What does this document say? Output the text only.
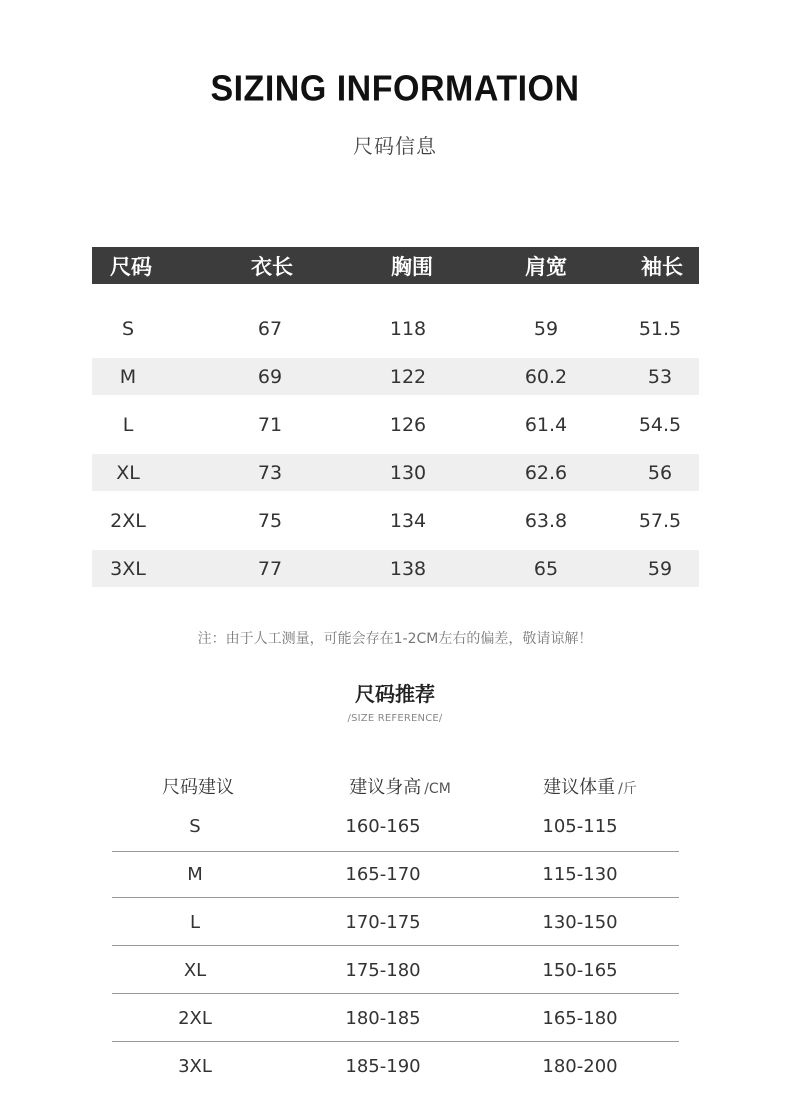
SIZING INFORMATION
尺码信息
尺码	衣长	胸围	肩宽	袖长
S	67	118	59	51.5
M	69	122	60.2	53
L	71	126	61.4	54.5
XL	73	130	62.6	56
2XL	75	134	63.8	57.5
3XL	77	138	65	59
注：由于人工测量，可能会存在1-2CM左右的偏差，敬请谅解！
尺码推荐
/SIZE REFERENCE/
尺码建议	建议身高 /CM	建议体重 /斤
S	160-165	105-115
M	165-170	115-130
L	170-175	130-150
XL	175-180	150-165
2XL	180-185	165-180
3XL	185-190	180-200
